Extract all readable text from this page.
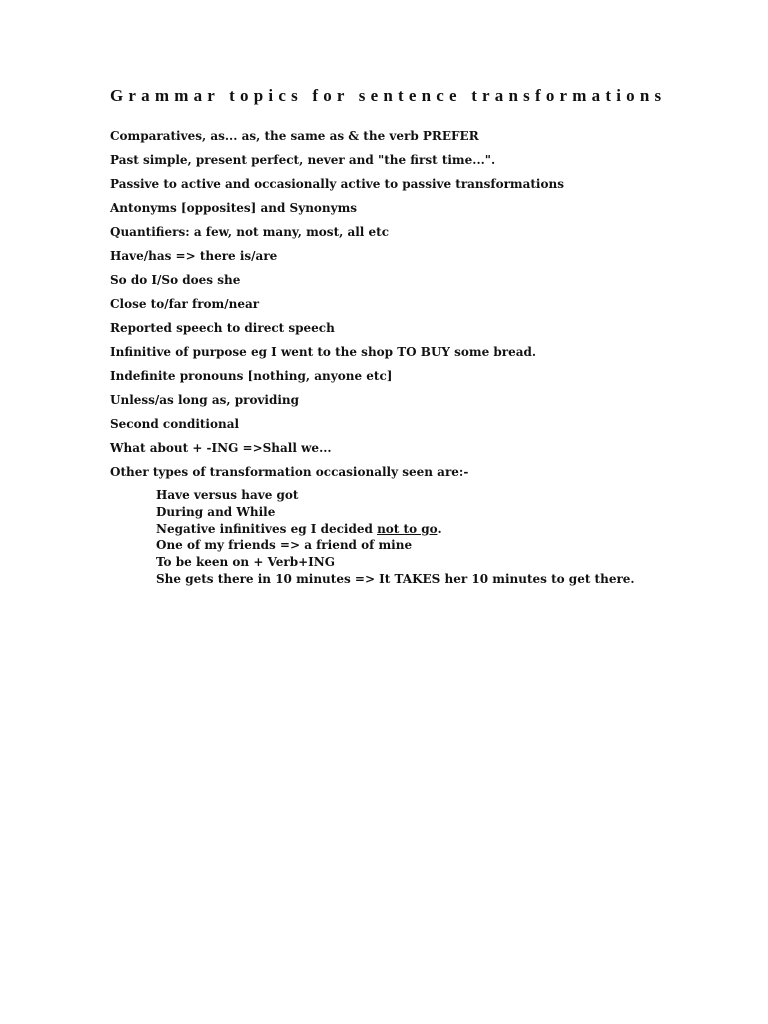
Grammar topics for sentence transformations
Comparatives, as... as, the same as & the verb PREFER
Past simple, present perfect, never and "the first time...".
Passive to active and occasionally active to passive transformations
Antonyms [opposites] and Synonyms
Quantifiers: a few, not many, most, all etc
Have/has => there is/are
So do I/So does she
Close to/far from/near
Reported speech to direct speech
Infinitive of purpose eg I went to the shop TO BUY some bread.
Indefinite pronouns [nothing, anyone etc]
Unless/as long as, providing
Second conditional
What about + -ING =>Shall we...
Other types of transformation occasionally seen are:-
Have versus have got
During and While
Negative infinitives eg I decided not to go.
One of my friends => a friend of mine
To be keen on + Verb+ING
She gets there in 10 minutes => It TAKES her 10 minutes to get there.
